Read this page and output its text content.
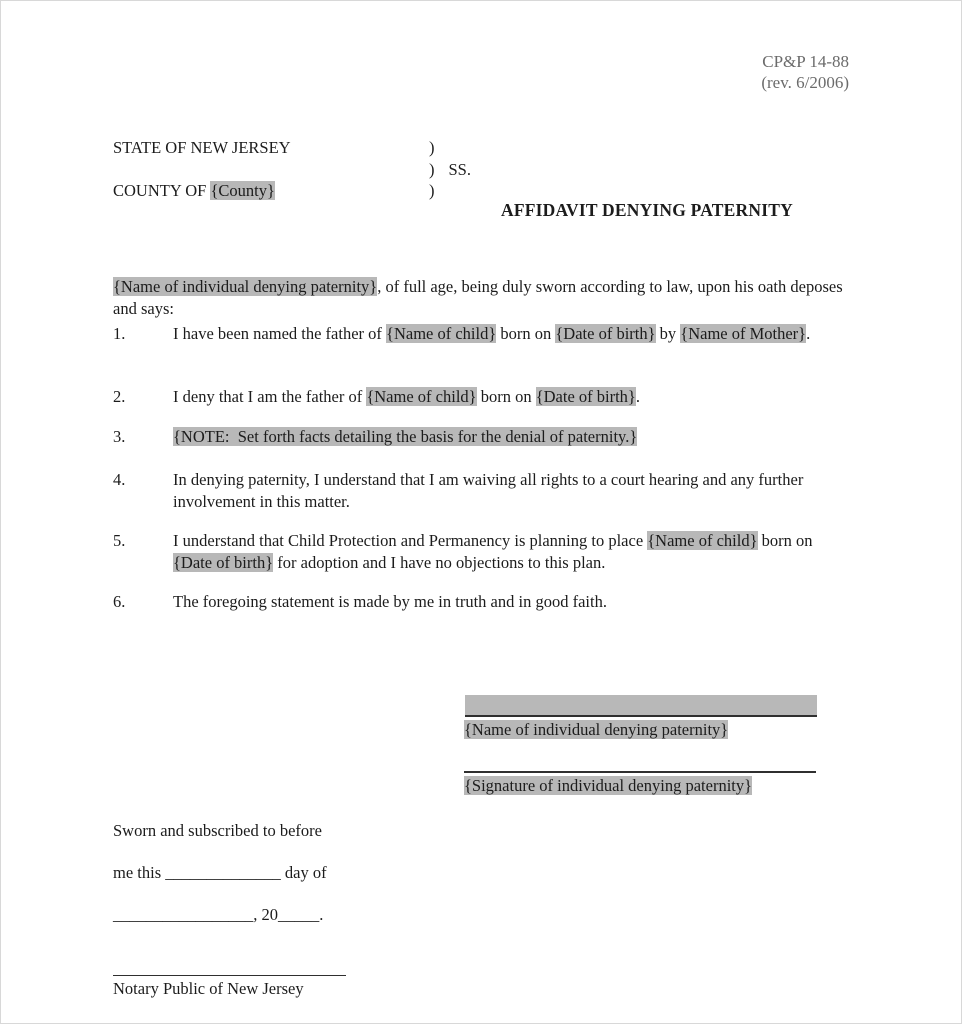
CP&P 14-88
(rev. 6/2006)
STATE OF NEW JERSEY	)
) SS.
COUNTY OF {County}	)
AFFIDAVIT DENYING PATERNITY

{Name of individual denying paternity}, of full age, being duly sworn according to law, upon his oath deposes and says:

1.	I have been named the father of {Name of child} born on {Date of birth} by {Name of Mother}.
2.	I deny that I am the father of {Name of child} born on {Date of birth}.
3.	{NOTE:  Set forth facts detailing the basis for the denial of paternity.}
4.	In denying paternity, I understand that I am waiving all rights to a court hearing and any further involvement in this matter.
5.	I understand that Child Protection and Permanency is planning to place {Name of child} born on {Date of birth} for adoption and I have no objections to this plan.
6.	The foregoing statement is made by me in truth and in good faith.
{Name of individual denying paternity}
{Signature of individual denying paternity}
Sworn and subscribed to before
me this ______________ day of
_________________, 20_____.
Notary Public of New Jersey
